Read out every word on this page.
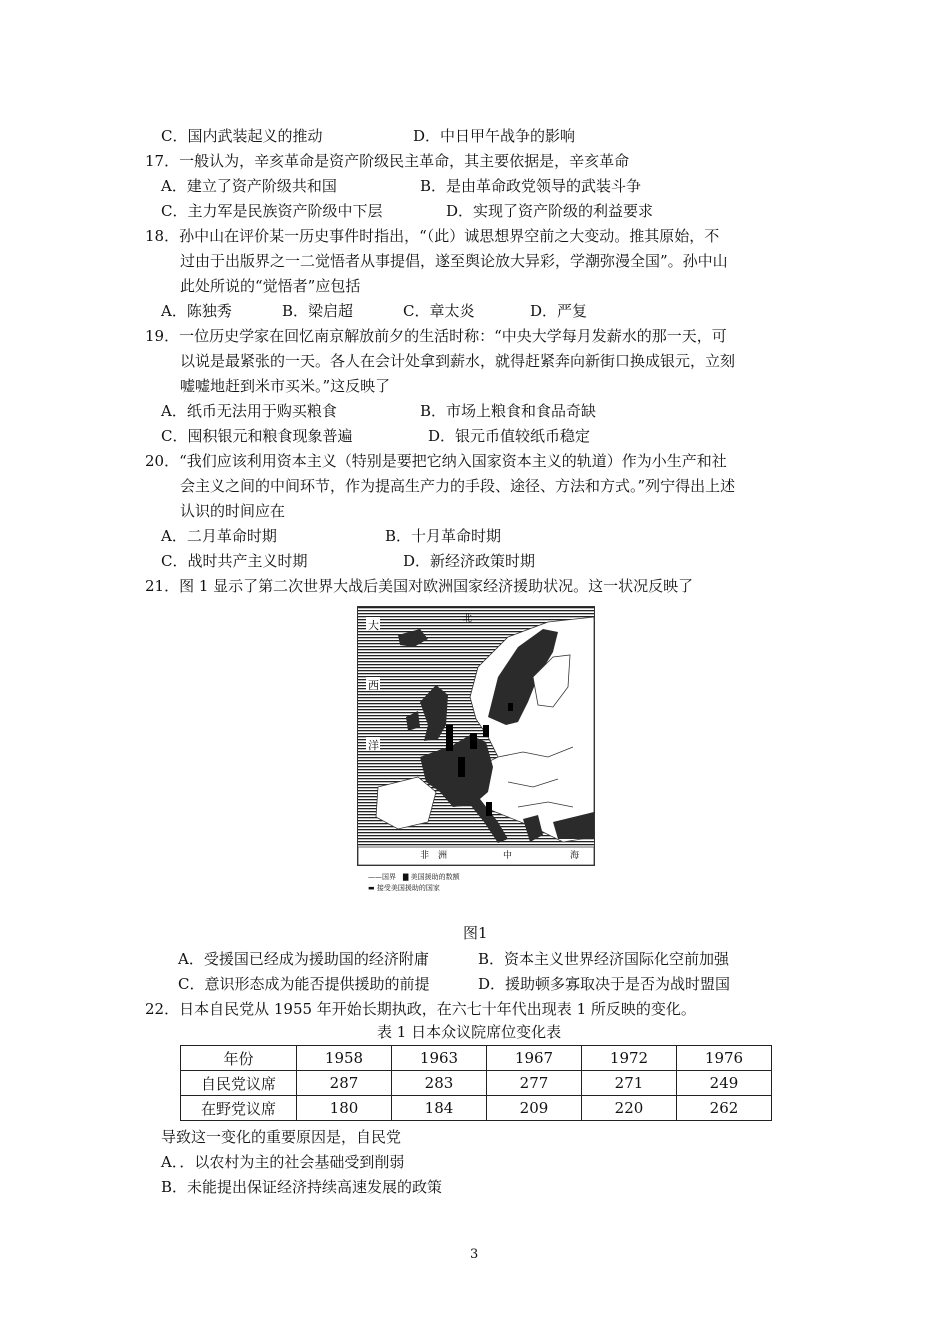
C．国内武装起义的推动	D．中日甲午战争的影响
17．一般认为，辛亥革命是资产阶级民主革命，其主要依据是，辛亥革命
A．建立了资产阶级共和国	B．是由革命政党领导的武装斗争
C．主力军是民族资产阶级中下层	D．实现了资产阶级的利益要求
18．孙中山在评价某一历史事件时指出，“（此）诚思想界空前之大变动。推其原始，不
过由于出版界之一二觉悟者从事提倡，遂至舆论放大异彩，学潮弥漫全国”。孙中山
此处所说的“觉悟者”应包括
A．陈独秀	B．梁启超	C．章太炎	D．严复
19．一位历史学家在回忆南京解放前夕的生活时称：“中央大学每月发薪水的那一天，可
以说是最紧张的一天。各人在会计处拿到薪水，就得赶紧奔向新街口换成银元，立刻
嘘嘘地赶到米市买米。”这反映了
A．纸币无法用于购买粮食	B．市场上粮食和食品奇缺
C．囤积银元和粮食现象普遍	D．银元币值较纸币稳定
20．“我们应该利用资本主义（特别是要把它纳入国家资本主义的轨道）作为小生产和社
会主义之间的中间环节，作为提高生产力的手段、途径、方法和方式。”列宁得出上述
认识的时间应在
A．二月革命时期	B．十月革命时期
C．战时共产主义时期	D．新经济政策时期
21．图 1 显示了第二次世界大战后美国对欧洲国家经济援助状况。这一状况反映了
大
西
洋
北
非　洲	中	海
——国界　▇ 美国援助的数额
▬ 接受美国援助的国家
图1
A．受援国已经成为援助国的经济附庸	B．资本主义世界经济国际化空前加强
C．意识形态成为能否提供援助的前提	D．援助顿多寡取决于是否为战时盟国
22．日本自民党从 1955 年开始长期执政，在六七十年代出现表 1 所反映的变化。
表 1 日本众议院席位变化表
年份	1958	1963	1967	1972	1976
自民党议席	287	283	277	271	249
在野党议席	180	184	209	220	262
导致这一变化的重要原因是，自民党
A．．以农村为主的社会基础受到削弱
B．未能提出保证经济持续高速发展的政策
3
